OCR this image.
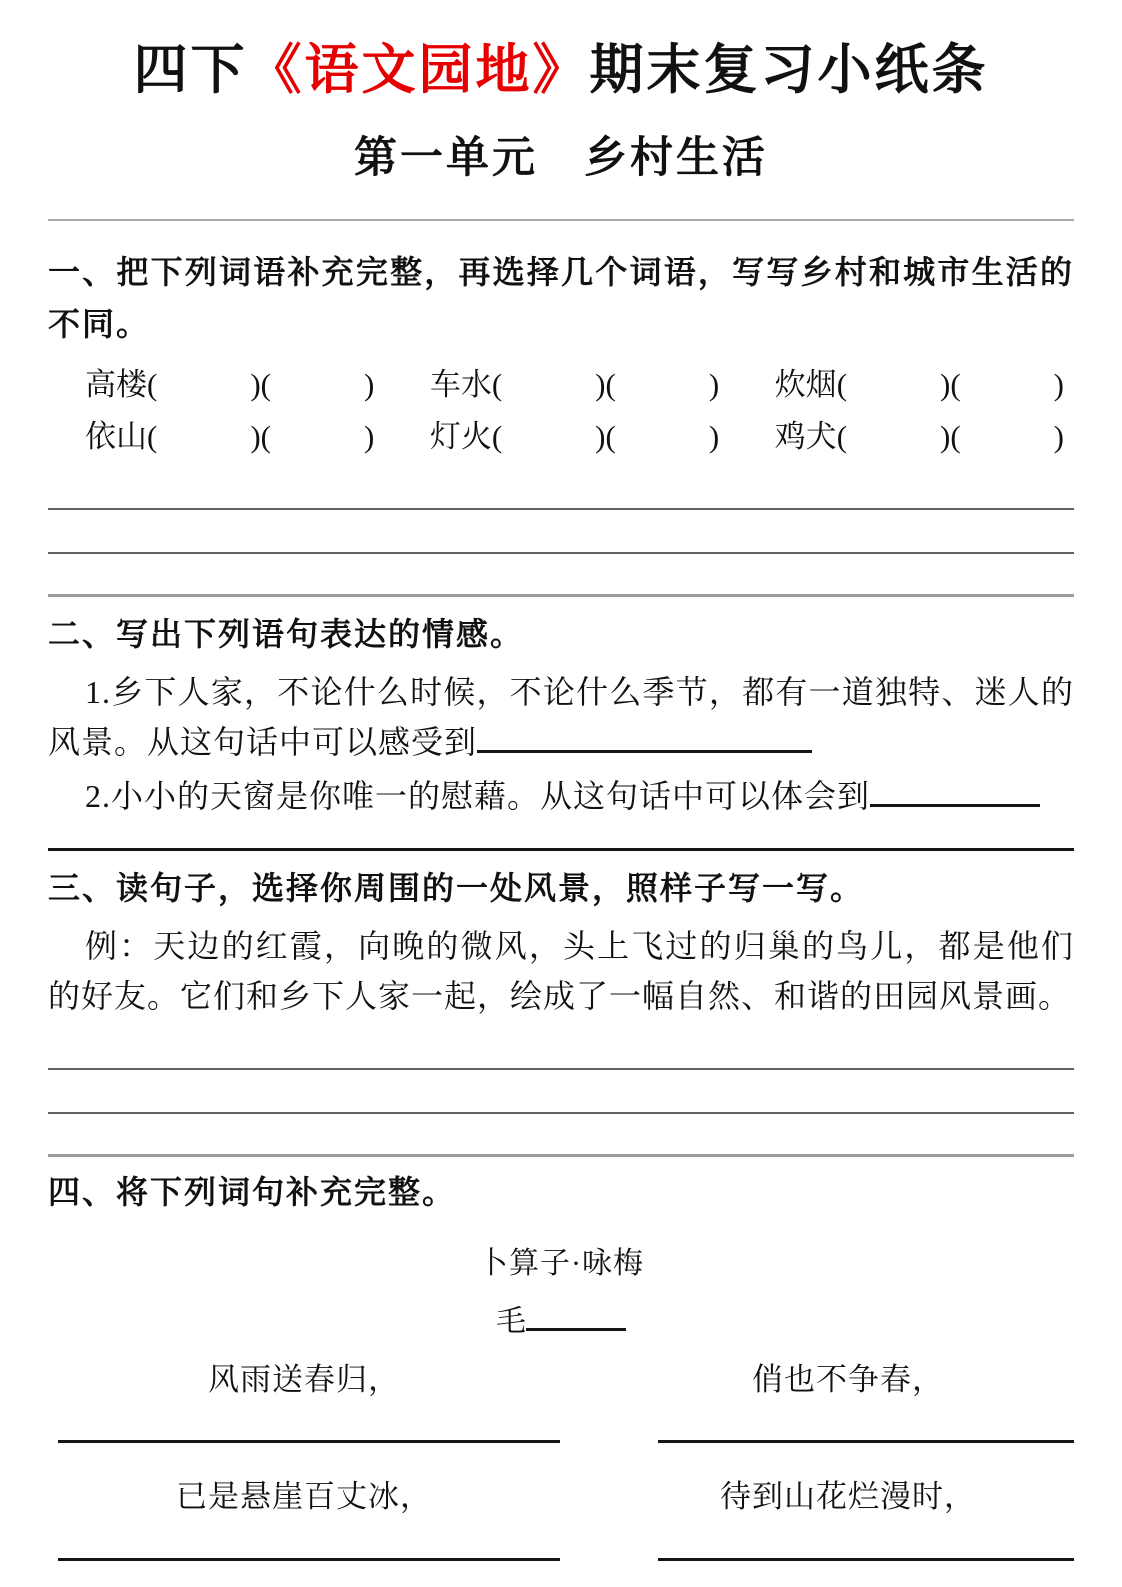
四下《语文园地》期末复习小纸条
第一单元　乡村生活

一、把下列词语补充完整，再选择几个词语，写写乡村和城市生活的不同。

高楼(　　　)(　　　) 车水(　　　)(　　　) 炊烟(　　　)(　　　)
依山(　　　)(　　　) 灯火(　　　)(　　　) 鸡犬(　　　)(　　　)

二、写出下列语句表达的情感。

1.乡下人家，不论什么时候，不论什么季节，都有一道独特、迷人的风景。从这句话中可以感受到

2.小小的天窗是你唯一的慰藉。从这句话中可以体会到

三、读句子，选择你周围的一处风景，照样子写一写。

例：天边的红霞，向晚的微风，头上飞过的归巢的鸟儿，都是他们的好友。它们和乡下人家一起，绘成了一幅自然、和谐的田园风景画。

四、将下列词句补充完整。

卜算子·咏梅
毛
风雨送春归，
已是悬崖百丈冰，
俏也不争春，
待到山花烂漫时，
